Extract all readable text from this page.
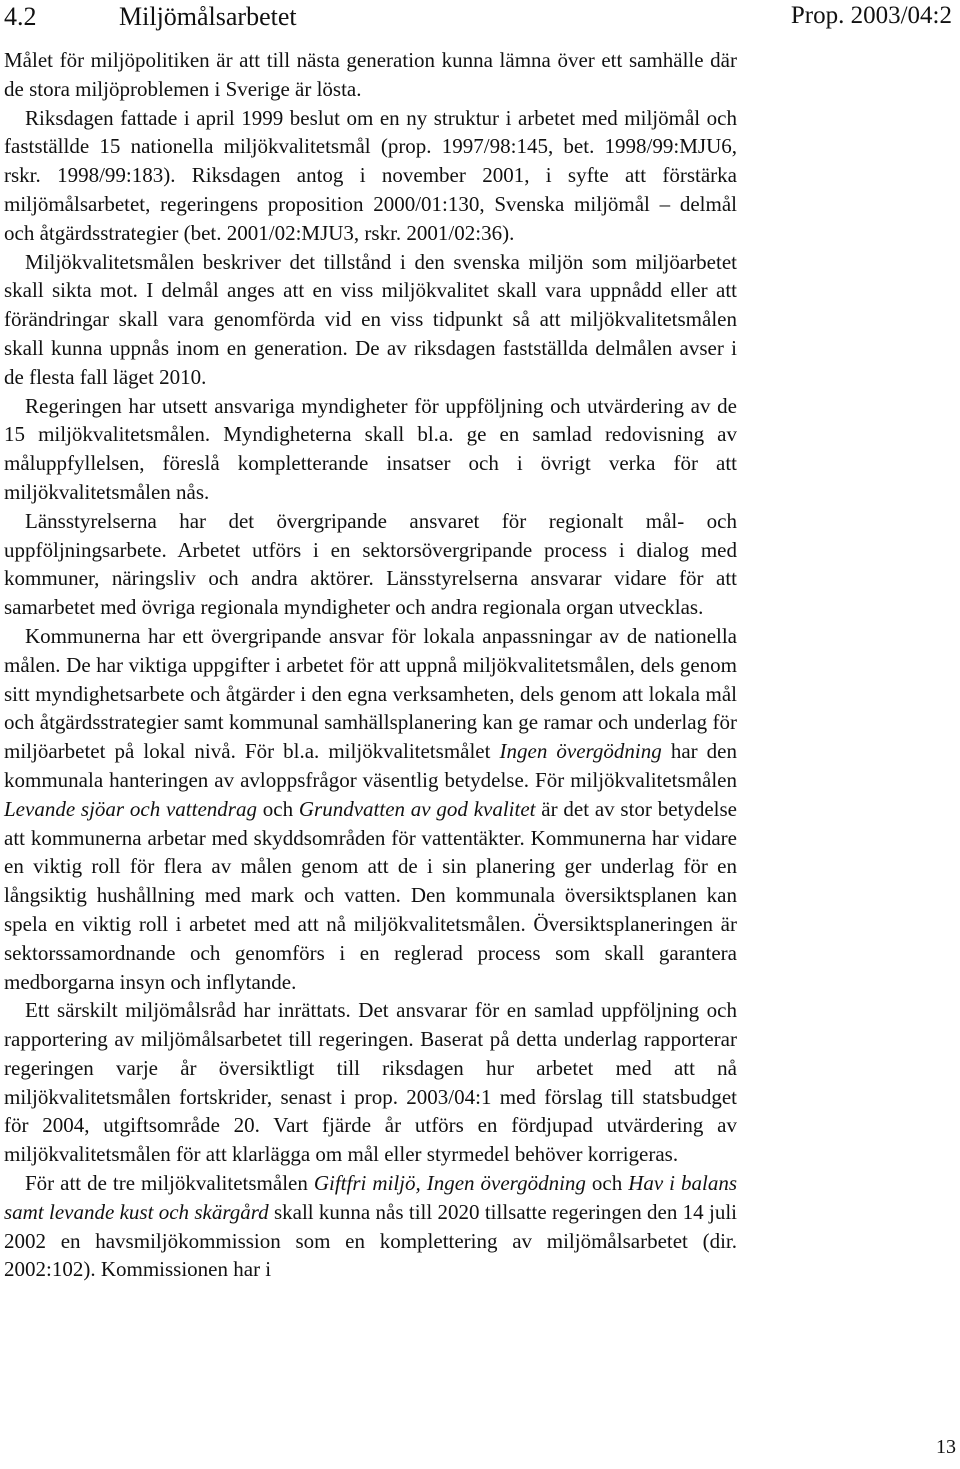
4.2	Miljömålsarbetet	Prop. 2003/04:2

Målet för miljöpolitiken är att till nästa generation kunna lämna över ett samhälle där de stora miljöproblemen i Sverige är lösta.

Riksdagen fattade i april 1999 beslut om en ny struktur i arbetet med miljömål och fastställde 15 nationella miljökvalitetsmål (prop. 1997/98:145, bet. 1998/99:MJU6, rskr. 1998/99:183). Riksdagen antog i november 2001, i syfte att förstärka miljömålsarbetet, regeringens proposition 2000/01:130, Svenska miljömål – delmål och åtgärdsstrategier (bet. 2001/02:MJU3, rskr. 2001/02:36).

Miljökvalitetsmålen beskriver det tillstånd i den svenska miljön som miljöarbetet skall sikta mot. I delmål anges att en viss miljökvalitet skall vara uppnådd eller att förändringar skall vara genomförda vid en viss tidpunkt så att miljökvalitetsmålen skall kunna uppnås inom en generation. De av riksdagen fastställda delmålen avser i de flesta fall läget 2010.

Regeringen har utsett ansvariga myndigheter för uppföljning och utvärdering av de 15 miljökvalitetsmålen. Myndigheterna skall bl.a. ge en samlad redovisning av måluppfyllelsen, föreslå kompletterande insatser och i övrigt verka för att miljökvalitetsmålen nås.

Länsstyrelserna har det övergripande ansvaret för regionalt mål- och uppföljningsarbete. Arbetet utförs i en sektorsövergripande process i dialog med kommuner, näringsliv och andra aktörer. Länsstyrelserna ansvarar vidare för att samarbetet med övriga regionala myndigheter och andra regionala organ utvecklas.

Kommunerna har ett övergripande ansvar för lokala anpassningar av de nationella målen. De har viktiga uppgifter i arbetet för att uppnå miljökvalitetsmålen, dels genom sitt myndighetsarbete och åtgärder i den egna verksamheten, dels genom att lokala mål och åtgärdsstrategier samt kommunal samhällsplanering kan ge ramar och underlag för miljöarbetet på lokal nivå. För bl.a. miljökvalitetsmålet Ingen övergödning har den kommunala hanteringen av avloppsfrågor väsentlig betydelse. För miljökvalitetsmålen Levande sjöar och vattendrag och Grundvatten av god kvalitet är det av stor betydelse att kommunerna arbetar med skyddsområden för vattentäkter. Kommunerna har vidare en viktig roll för flera av målen genom att de i sin planering ger underlag för en långsiktig hushållning med mark och vatten. Den kommunala översiktsplanen kan spela en viktig roll i arbetet med att nå miljökvalitetsmålen. Översiktsplaneringen är sektorssamordnande och genomförs i en reglerad process som skall garantera medborgarna insyn och inflytande.

Ett särskilt miljömålsråd har inrättats. Det ansvarar för en samlad uppföljning och rapportering av miljömålsarbetet till regeringen. Baserat på detta underlag rapporterar regeringen varje år översiktligt till riksdagen hur arbetet med att nå miljökvalitetsmålen fortskrider, senast i prop. 2003/04:1 med förslag till statsbudget för 2004, utgiftsområde 20. Vart fjärde år utförs en fördjupad utvärdering av miljökvalitetsmålen för att klarlägga om mål eller styrmedel behöver korrigeras.

För att de tre miljökvalitetsmålen Giftfri miljö, Ingen övergödning och Hav i balans samt levande kust och skärgård skall kunna nås till 2020 tillsatte regeringen den 14 juli 2002 en havsmiljökommission som en komplettering av miljömålsarbetet (dir. 2002:102). Kommissionen har i

13
